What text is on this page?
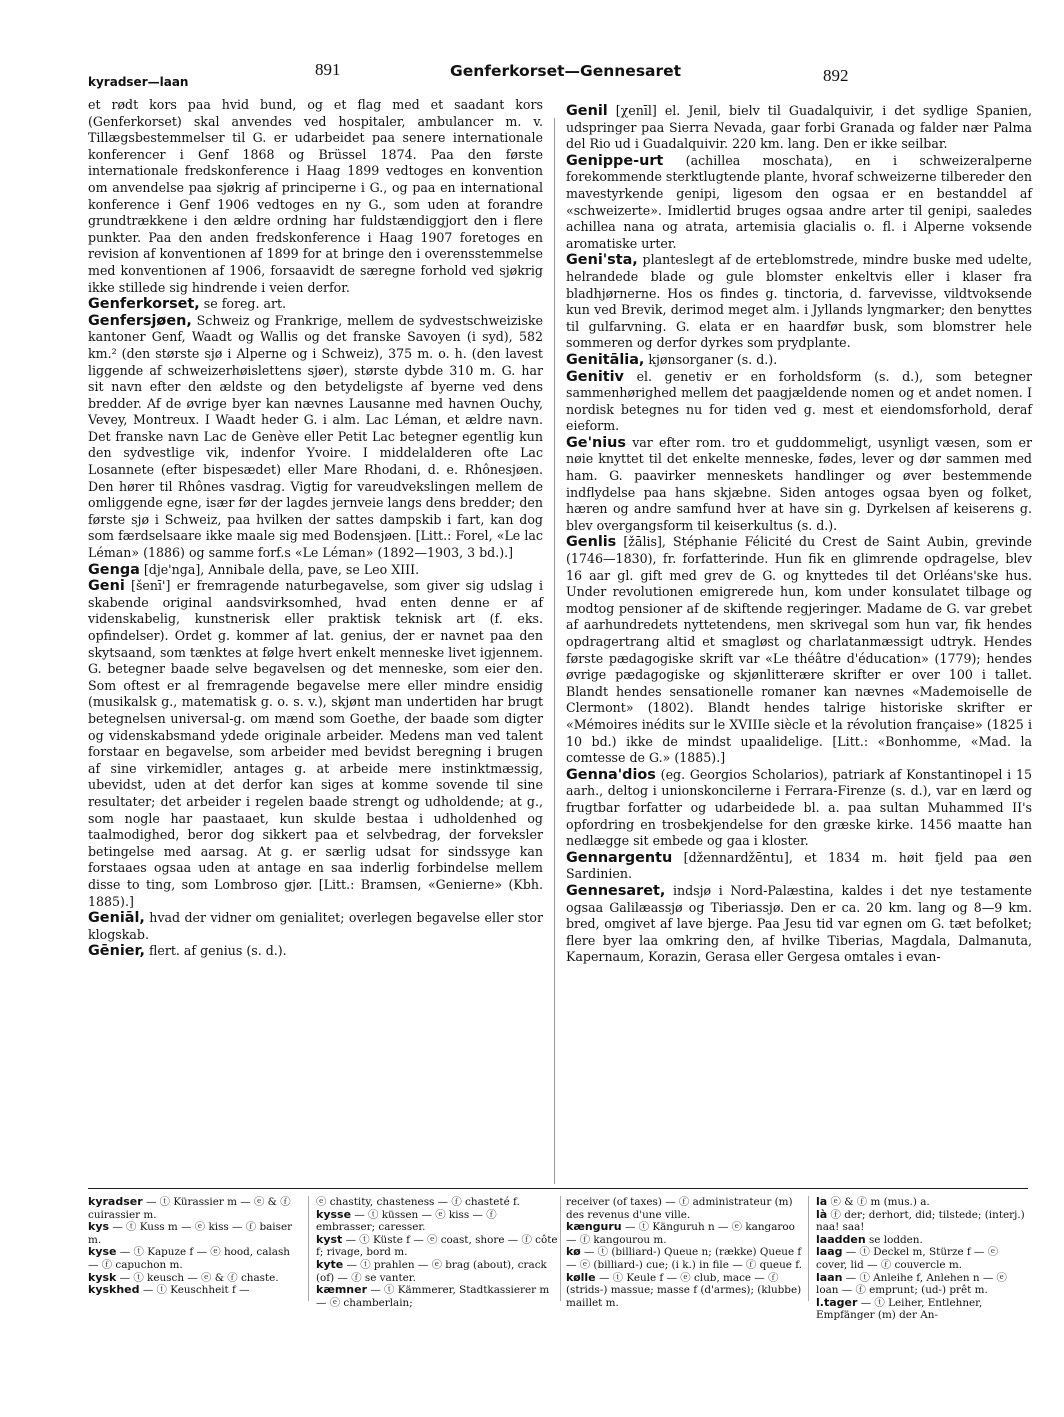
kyradser—laan
891	Genferkorset—Gennesaret	892

et rødt kors paa hvid bund, og et flag med et saadant kors (Genferkorset) skal anvendes ved hospitaler, ambulancer m. v. Tillægsbestemmelser til G. er udarbeidet paa senere internationale konferencer i Genf 1868 og Brüssel 1874. Paa den første internationale fredskonference i Haag 1899 vedtoges en konvention om anvendelse paa sjøkrig af principerne i G., og paa en international konference i Genf 1906 vedtoges en ny G., som uden at forandre grundtrækkene i den ældre ordning har fuldstændiggjort den i flere punkter. Paa den anden fredskonference i Haag 1907 foretoges en revision af konventionen af 1899 for at bringe den i overensstemmelse med konventionen af 1906, forsaavidt de særegne forhold ved sjøkrig ikke stillede sig hindrende i veien derfor.

Genferkorset, se foreg. art.

Genfersjøen, Schweiz og Frankrige, mellem de sydvestschweiziske kantoner Genf, Waadt og Wallis og det franske Savoyen (i syd), 582 km.² (den største sjø i Alperne og i Schweiz), 375 m. o. h. (den lavest liggende af schweizerhøislettens sjøer), største dybde 310 m. G. har sit navn efter den ældste og den betydeligste af byerne ved dens bredder. Af de øvrige byer kan nævnes Lausanne med havnen Ouchy, Vevey, Montreux. I Waadt heder G. i alm. Lac Léman, et ældre navn. Det franske navn Lac de Genève eller Petit Lac betegner egentlig kun den sydvestlige vik, indenfor Yvoire. I middelalderen ofte Lac Losannete (efter bispesædet) eller Mare Rhodani, d. e. Rhônesjøen. Den hører til Rhônes vasdrag. Vigtig for vareudvekslingen mellem de omliggende egne, især før der lagdes jernveie langs dens bredder; den første sjø i Schweiz, paa hvilken der sattes dampskib i fart, kan dog som færdselsaare ikke maale sig med Bodensjøen. [Litt.: Forel, «Le lac Léman» (1886) og samme forf.s «Le Léman» (1892—1903, 3 bd.).]

Genga [dje'nga], Annibale della, pave, se Leo XIII.

Geni [šenī'] er fremragende naturbegavelse, som giver sig udslag i skabende original aandsvirksomhed, hvad enten denne er af videnskabelig, kunstnerisk eller praktisk teknisk art (f. eks. opfindelser). Ordet g. kommer af lat. genius, der er navnet paa den skytsaand, som tænktes at følge hvert enkelt menneske livet igjennem. G. betegner baade selve begavelsen og det menneske, som eier den. Som oftest er al fremragende begavelse mere eller mindre ensidig (musikalsk g., matematisk g. o. s. v.), skjønt man undertiden har brugt betegnelsen universal-g. om mænd som Goethe, der baade som digter og videnskabsmand ydede originale arbeider. Medens man ved talent forstaar en begavelse, som arbeider med bevidst beregning i brugen af sine virkemidler, antages g. at arbeide mere instinktmæssig, ubevidst, uden at det derfor kan siges at komme sovende til sine resultater; det arbeider i regelen baade strengt og udholdende; at g., som nogle har paastaaet, kun skulde bestaa i udholdenhed og taalmodighed, beror dog sikkert paa et selvbedrag, der forveksler betingelse med aarsag. At g. er særlig udsat for sindssyge kan forstaaes ogsaa uden at antage en saa inderlig forbindelse mellem disse to ting, som Lombroso gjør. [Litt.: Bramsen, «Genierne» (Kbh. 1885).]

Geniāl, hvad der vidner om genialitet; overlegen begavelse eller stor klogskab.

Gēnier, flert. af genius (s. d.).

Genil [χenīl] el. Jenil, bielv til Guadalquivir, i det sydlige Spanien, udspringer paa Sierra Nevada, gaar forbi Granada og falder nær Palma del Rio ud i Guadalquivir. 220 km. lang. Den er ikke seilbar.

Genippe-urt (achillea moschata), en i schweizeralperne forekommende sterktlugtende plante, hvoraf schweizerne tilbereder den mavestyrkende genipi, ligesom den ogsaa er en bestanddel af «schweizerte». Imidlertid bruges ogsaa andre arter til genipi, saaledes achillea nana og atrata, artemisia glacialis o. fl. i Alperne voksende aromatiske urter.

Geni'sta, planteslegt af de erteblomstrede, mindre buske med udelte, helrandede blade og gule blomster enkeltvis eller i klaser fra bladhjørnerne. Hos os findes g. tinctoria, d. farvevisse, vildtvoksende kun ved Brevik, derimod meget alm. i Jyllands lyngmarker; den benyttes til gulfarvning. G. elata er en haardfør busk, som blomstrer hele sommeren og derfor dyrkes som prydplante.

Genitālia, kjønsorganer (s. d.).

Genitiv el. genetiv er en forholdsform (s. d.), som betegner sammenhørighed mellem det paagjældende nomen og et andet nomen. I nordisk betegnes nu for tiden ved g. mest et eiendomsforhold, deraf eieform.

Ge'nius var efter rom. tro et guddommeligt, usynligt væsen, som er nøie knyttet til det enkelte menneske, fødes, lever og dør sammen med ham. G. paavirker menneskets handlinger og øver bestemmende indflydelse paa hans skjæbne. Siden antoges ogsaa byen og folket, hæren og andre samfund hver at have sin g. Dyrkelsen af keiserens g. blev overgangsform til keiserkultus (s. d.).

Genlis [žālis], Stéphanie Félicité du Crest de Saint Aubin, grevinde (1746—1830), fr. forfatterinde. Hun fik en glimrende opdragelse, blev 16 aar gl. gift med grev de G. og knyttedes til det Orléans'ske hus. Under revolutionen emigrerede hun, kom under konsulatet tilbage og modtog pensioner af de skiftende regjeringer. Madame de G. var grebet af aarhundredets nyttetendens, men skrivegal som hun var, fik hendes opdragertrang altid et smagløst og charlatanmæssigt udtryk. Hendes første pædagogiske skrift var «Le théâtre d'éducation» (1779); hendes øvrige pædagogiske og skjønlitterære skrifter er over 100 i tallet. Blandt hendes sensationelle romaner kan nævnes «Mademoiselle de Clermont» (1802). Blandt hendes talrige historiske skrifter er «Mémoires inédits sur le XVIIIe siècle et la révolution française» (1825 i 10 bd.) ikke de mindst upaalidelige. [Litt.: «Bonhomme, «Mad. la comtesse de G.» (1885).]

Genna'dios (eg. Georgios Scholarios), patriark af Konstantinopel i 15 aarh., deltog i unionskoncilerne i Ferrara-Firenze (s. d.), var en lærd og frugtbar forfatter og udarbeidede bl. a. paa sultan Muhammed II's opfordring en trosbekjendelse for den græske kirke. 1456 maatte han nedlægge sit embede og gaa i kloster.

Gennargentu [džennardžēntu], et 1834 m. høit fjeld paa øen Sardinien.

Gennesaret, indsjø i Nord-Palæstina, kaldes i det nye testamente ogsaa Galilæassjø og Tiberiassjø. Den er ca. 20 km. lang og 8—9 km. bred, omgivet af lave bjerge. Paa Jesu tid var egnen om G. tæt befolket; flere byer laa omkring den, af hvilke Tiberias, Magdala, Dalmanuta, Kapernaum, Korazin, Gerasa eller Gergesa omtales i evan-

kyradser — ⓣ Kürassier m — ⓔ & ⓕ cuirassier m.

kys — ⓣ Kuss m — ⓔ kiss — ⓕ baiser m.

kyse — ⓣ Kapuze f — ⓔ hood, calash — ⓕ capuchon m.

kysk — ⓣ keusch — ⓔ & ⓕ chaste.

kyskhed — ⓣ Keuschheit f —

ⓔ chastity, chasteness — ⓕ chasteté f.

kysse — ⓣ küssen — ⓔ kiss — ⓕ embrasser; caresser.

kyst — ⓣ Küste f — ⓔ coast, shore — ⓕ côte f; rivage, bord m.

kyte — ⓣ prahlen — ⓔ brag (about), crack (of) — ⓕ se vanter.

kæmner — ⓣ Kämmerer, Stadtkassierer m — ⓔ chamberlain;

receiver (of taxes) — ⓕ administrateur (m) des revenus d'une ville.

kænguru — ⓣ Känguruh n — ⓔ kangaroo — ⓕ kangourou m.

kø — ⓣ (billiard-) Queue n; (række) Queue f — ⓔ (billiard-) cue; (i k.) in file — ⓕ queue f.

kølle — ⓣ Keule f — ⓔ club, mace — ⓕ (strids-) massue; masse f (d'armes); (klubbe) maillet m.

la ⓔ & ⓕ m (mus.) a.

là ⓕ der; derhort, did; tilstede; (interj.) naa! saa!

laadden se lodden.

laag — ⓣ Deckel m, Stürze f — ⓔ cover, lid — ⓕ couvercle m.

laan — ⓣ Anleihe f, Anlehen n — ⓔ loan — ⓕ emprunt; (ud-) prêt m.

l.tager — ⓣ Leiher, Entlehner, Empfänger (m) der An-
